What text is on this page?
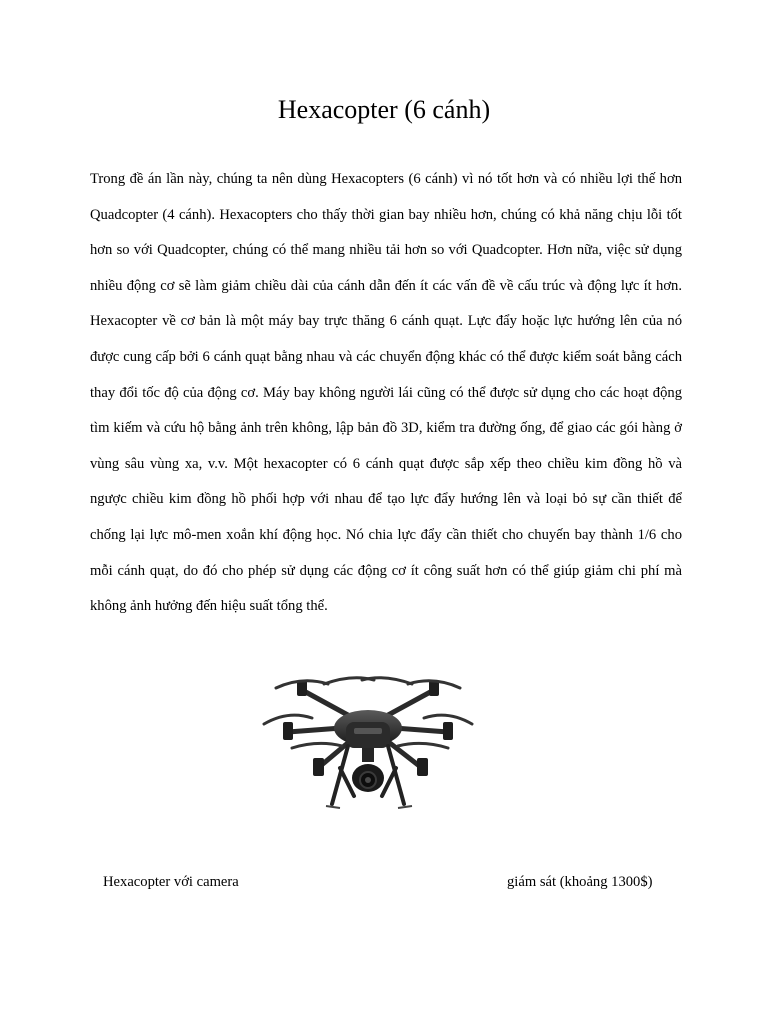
Hexacopter (6 cánh)

Trong đề án lần này, chúng ta nên dùng Hexacopters (6 cánh) vì nó tốt hơn và có nhiều lợi thế hơn Quadcopter (4 cánh). Hexacopters cho thấy thời gian bay nhiều hơn, chúng có khả năng chịu lỗi tốt hơn so với Quadcopter, chúng có thể mang nhiều tải hơn so với Quadcopter. Hơn nữa, việc sử dụng nhiều động cơ sẽ làm giảm chiều dài của cánh dẫn đến ít các vấn đề về cấu trúc và động lực ít hơn. Hexacopter về cơ bản là một máy bay trực thăng 6 cánh quạt. Lực đẩy hoặc lực hướng lên của nó được cung cấp bởi 6 cánh quạt bằng nhau và các chuyển động khác có thể được kiểm soát bằng cách thay đổi tốc độ của động cơ. Máy bay không người lái cũng có thể được sử dụng cho các hoạt động tìm kiếm và cứu hộ bằng ảnh trên không, lập bản đồ 3D, kiểm tra đường ống, để giao các gói hàng ở vùng sâu vùng xa, v.v. Một hexacopter có 6 cánh quạt được sắp xếp theo chiều kim đồng hồ và ngược chiều kim đồng hồ phối hợp với nhau để tạo lực đẩy hướng lên và loại bỏ sự cần thiết để chống lại lực mô-men xoắn khí động học. Nó chia lực đẩy cần thiết cho chuyến bay thành 1/6 cho mỗi cánh quạt, do đó cho phép sử dụng các động cơ ít công suất hơn có thể giúp giảm chi phí mà không ảnh hưởng đến hiệu suất tổng thể.

Hexacopter với camera	giám sát (khoảng 1300$)
